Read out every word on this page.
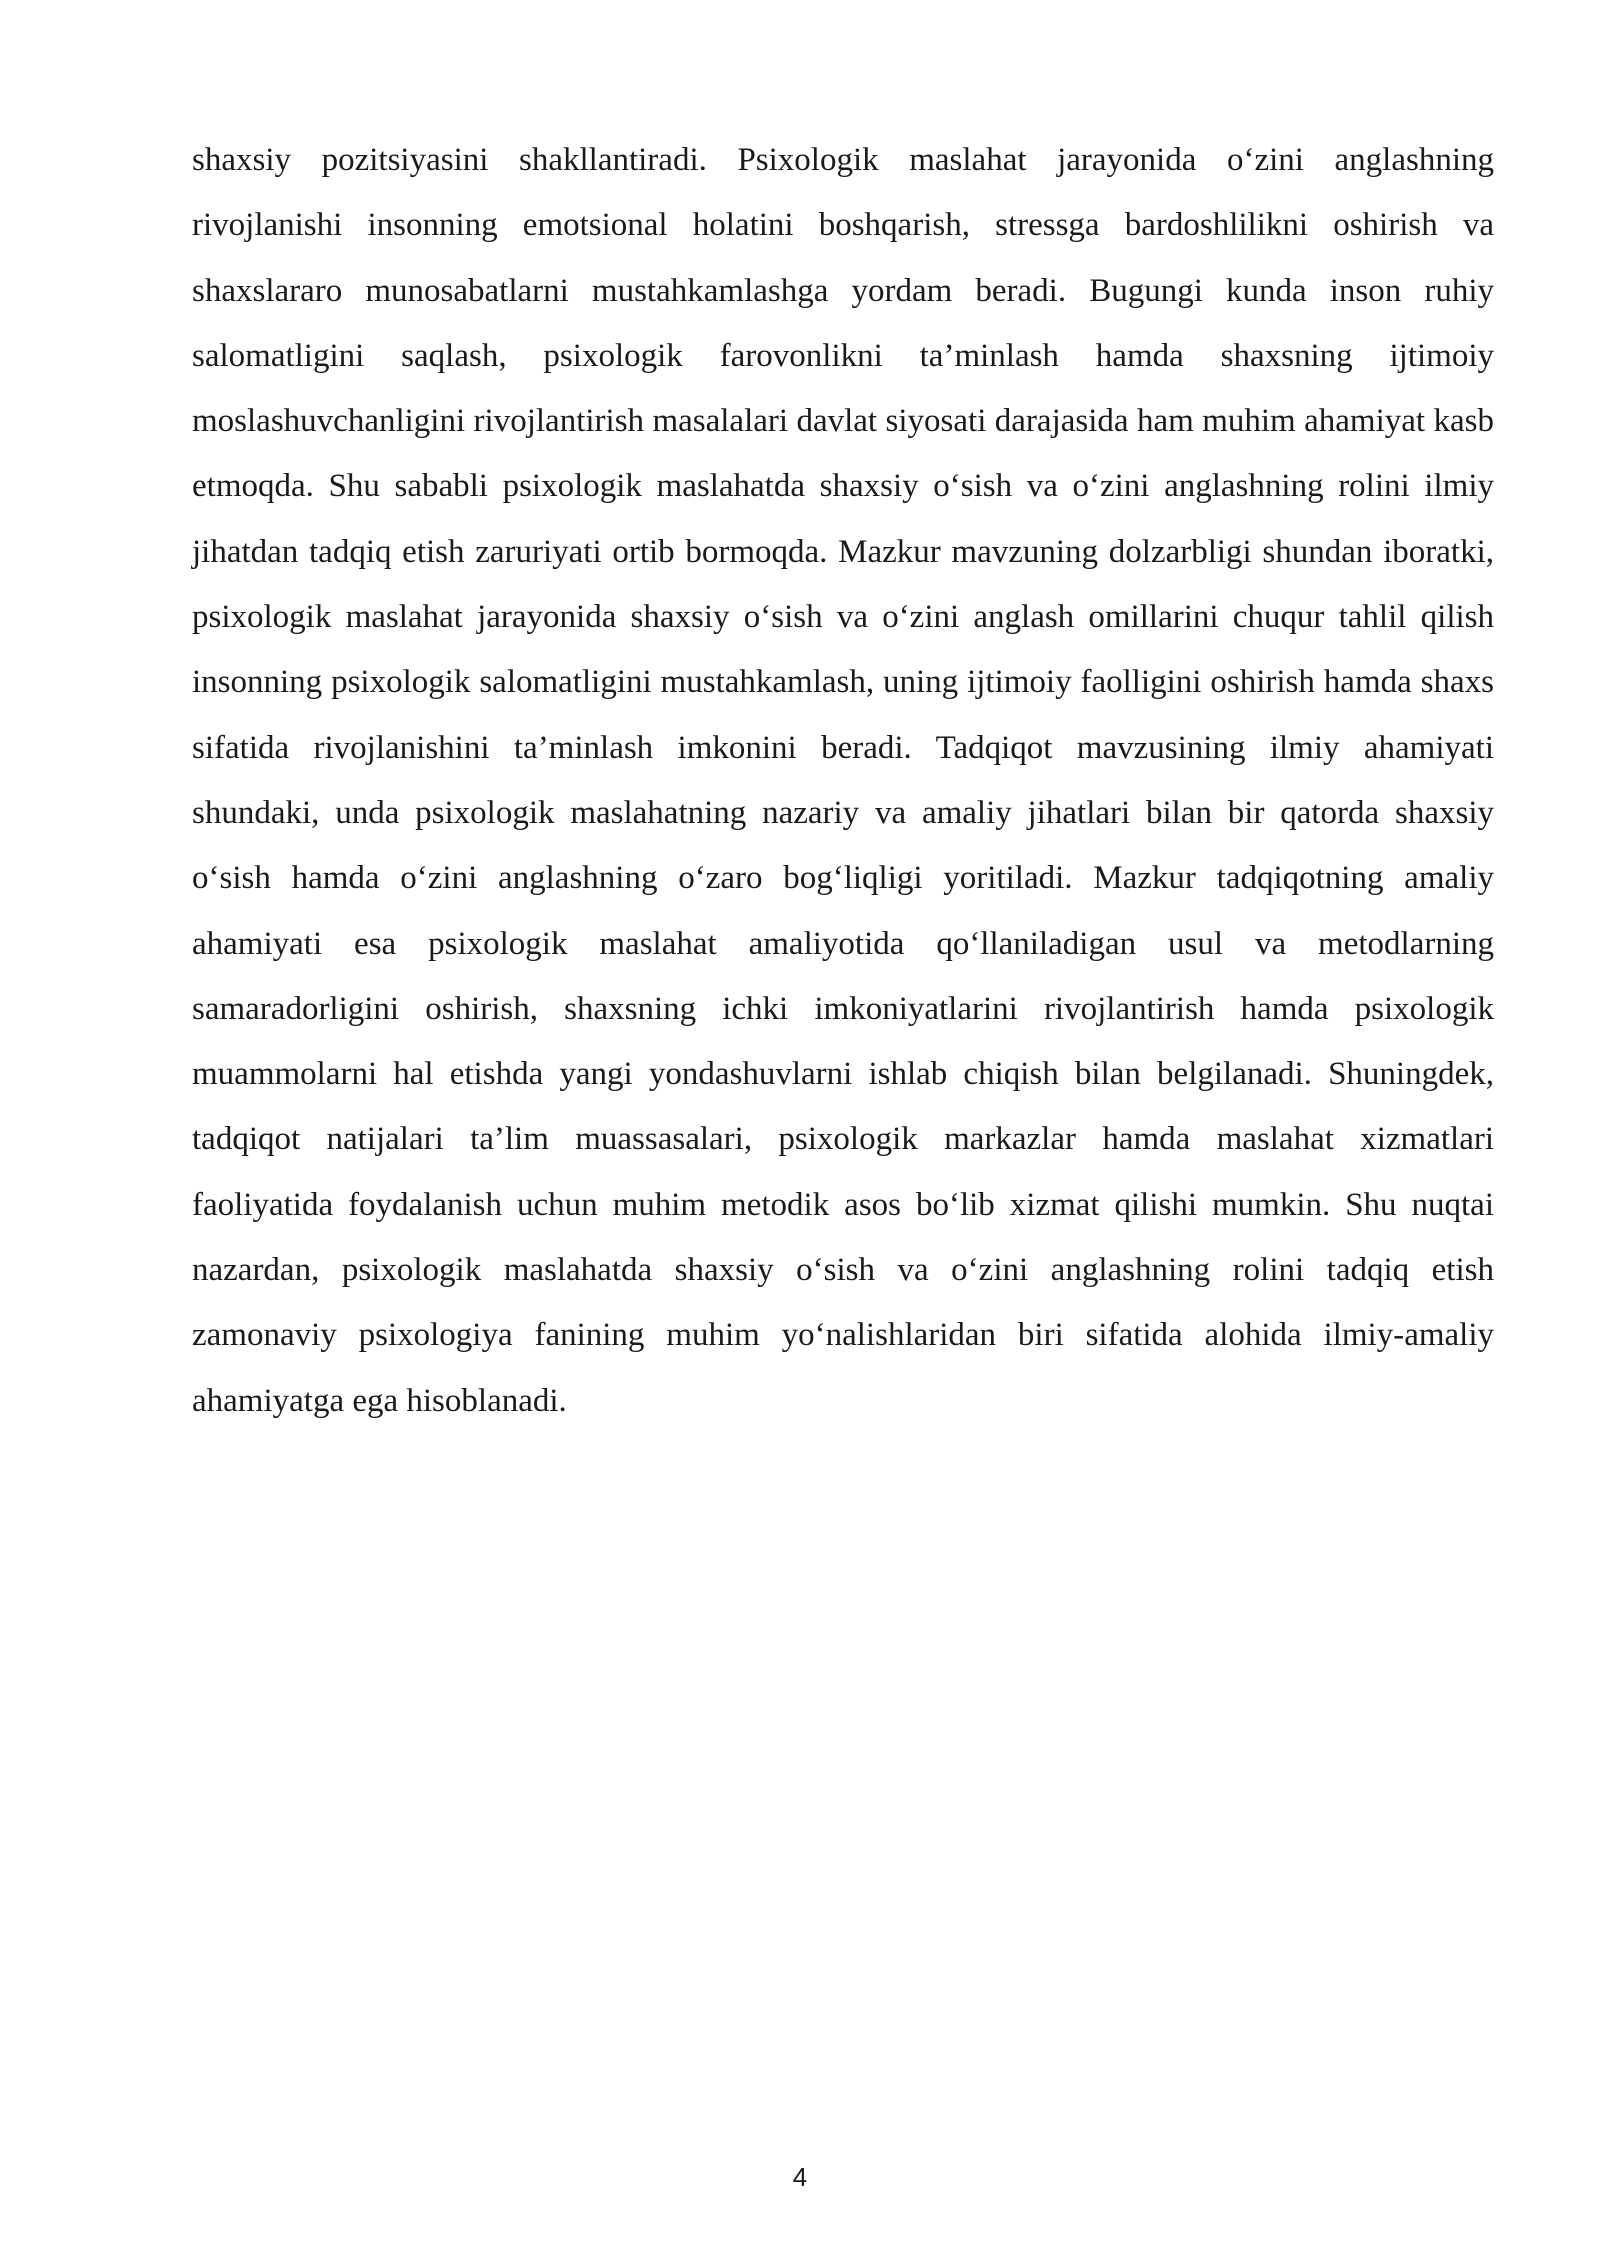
shaxsiy pozitsiyasini shakllantiradi. Psixologik maslahat jarayonida o‘zini anglashning rivojlanishi insonning emotsional holatini boshqarish, stressga bardoshlilikni oshirish va shaxslararo munosabatlarni mustahkamlashga yordam beradi. Bugungi kunda inson ruhiy salomatligini saqlash, psixologik farovonlikni ta’minlash hamda shaxsning ijtimoiy moslashuvchanligini rivojlantirish masalalari davlat siyosati darajasida ham muhim ahamiyat kasb etmoqda. Shu sababli psixologik maslahatda shaxsiy o‘sish va o‘zini anglashning rolini ilmiy jihatdan tadqiq etish zaruriyati ortib bormoqda. Mazkur mavzuning dolzarbligi shundan iboratki, psixologik maslahat jarayonida shaxsiy o‘sish va o‘zini anglash omillarini chuqur tahlil qilish insonning psixologik salomatligini mustahkamlash, uning ijtimoiy faolligini oshirish hamda shaxs sifatida rivojlanishini ta’minlash imkonini beradi. Tadqiqot mavzusining ilmiy ahamiyati shundaki, unda psixologik maslahatning nazariy va amaliy jihatlari bilan bir qatorda shaxsiy o‘sish hamda o‘zini anglashning o‘zaro bog‘liqligi yoritiladi. Mazkur tadqiqotning amaliy ahamiyati esa psixologik maslahat amaliyotida qo‘llaniladigan usul va metodlarning samaradorligini oshirish, shaxsning ichki imkoniyatlarini rivojlantirish hamda psixologik muammolarni hal etishda yangi yondashuvlarni ishlab chiqish bilan belgilanadi. Shuningdek, tadqiqot natijalari ta’lim muassasalari, psixologik markazlar hamda maslahat xizmatlari faoliyatida foydalanish uchun muhim metodik asos bo‘lib xizmat qilishi mumkin. Shu nuqtai nazardan, psixologik maslahatda shaxsiy o‘sish va o‘zini anglashning rolini tadqiq etish zamonaviy psixologiya fanining muhim yo‘nalishlaridan biri sifatida alohida ilmiy-amaliy ahamiyatga ega hisoblanadi.

4
